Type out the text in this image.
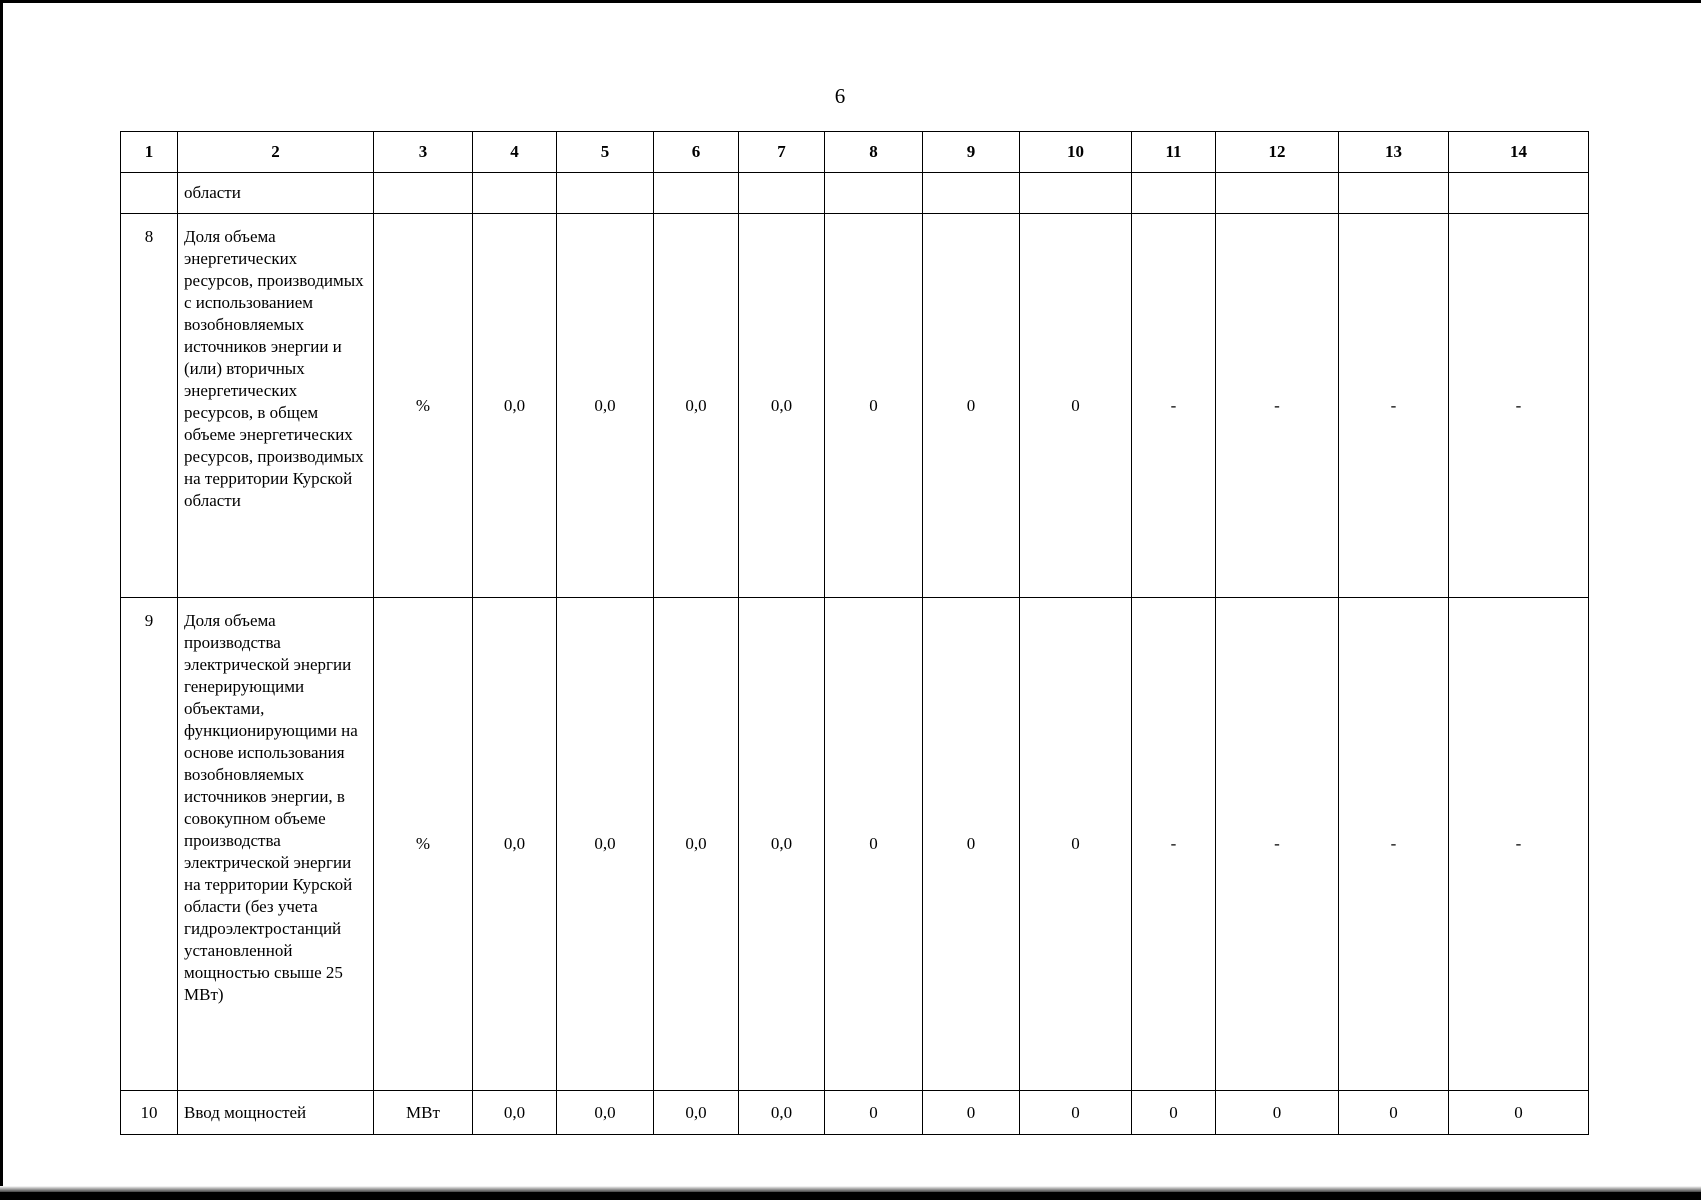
6
1	2	3	4	5	6	7	8	9	10	11	12	13	14
	области												
8	Доля объема энергетических ресурсов, производимых с использованием возобновляемых источников энергии и (или) вторичных энергетических ресурсов, в общем объеме энергетических ресурсов, производимых на территории Курской области	%	0,0	0,0	0,0	0,0	0	0	0	-	-	-	-
9	Доля объема производства электрической энергии генерирующими объектами, функционирующими на основе использования возобновляемых источников энергии, в совокупном объеме производства электрической энергии на территории Курской области (без учета гидроэлектростанций установленной мощностью свыше 25 МВт)	%	0,0	0,0	0,0	0,0	0	0	0	-	-	-	-
10	Ввод мощностей	МВт	0,0	0,0	0,0	0,0	0	0	0	0	0	0	0
